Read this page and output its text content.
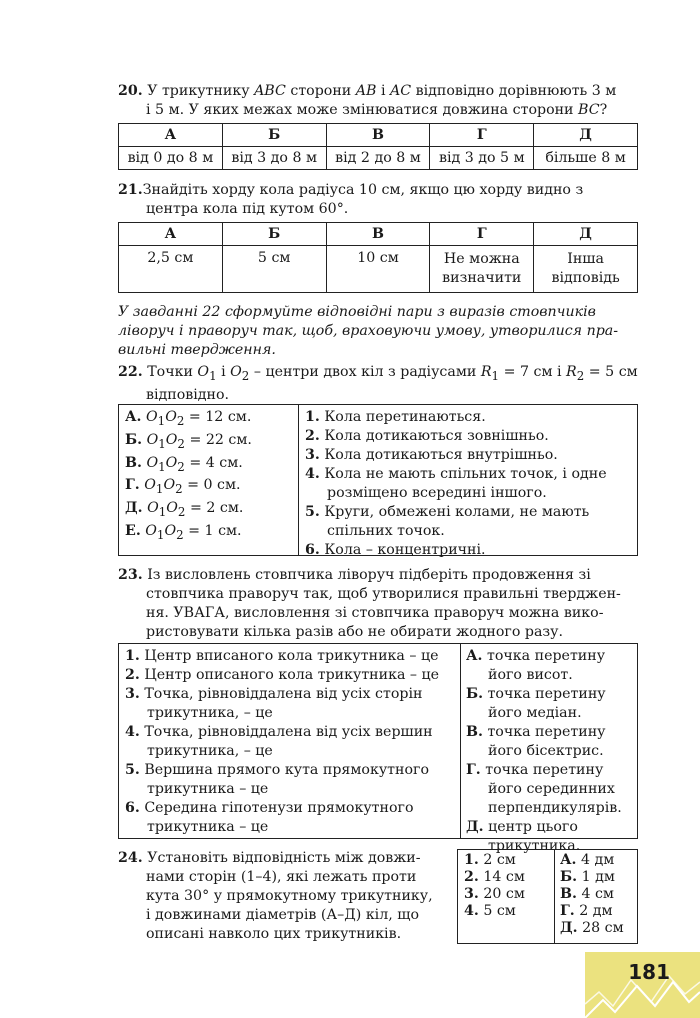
20. У трикутнику ABC сторони AB і AC відповідно дорівнюють 3 м
і 5 м. У яких межах може змінюватися довжина сторони BC?
А	Б	В	Г	Д
від 0 до 8 м	від 3 до 8 м	від 2 до 8 м	від 3 до 5 м	більше 8 м
21.Знайдіть хорду кола радіуса 10 см, якщо цю хорду видно з
центра кола під кутом 60°.
А	Б	В	Г	Д
2,5 см	5 см	10 см	Не можна визначити	Інша відповідь
У завданні 22 сформуйте відповідні пари з виразів стовпчиків
ліворуч і праворуч так, щоб, враховуючи умову, утворилися пра-
вильні твердження.
22. Точки $O_1$ і $O_2$ – центри двох кіл з радіусами $R_1 = 7$ см і $R_2 = 5$ см
відповідно.
А. $O_1O_2 = 12$ см.
Б. $O_1O_2 = 22$ см.
В. $O_1O_2 = 4$ см.
Г. $O_1O_2 = 0$ см.
Д. $O_1O_2 = 2$ см.
Е. $O_1O_2 = 1$ см.
1. Кола перетинаються.
2. Кола дотикаються зовнішньо.
3. Кола дотикаються внутрішньо.
4. Кола не мають спільних точок, і одне
розміщено всередині іншого.
5. Круги, обмежені колами, не мають
спільних точок.
6. Кола – концентричні.
23. Із висловлень стовпчика ліворуч підберіть продовження зі
стовпчика праворуч так, щоб утворилися правильні тверджен-
ня. УВАГА, висловлення зі стовпчика праворуч можна вико-
ристовувати кілька разів або не обирати жодного разу.
1. Центр вписаного кола трикутника – це
2. Центр описаного кола трикутника – це
3. Точка, рівновіддалена від усіх сторін
трикутника, – це
4. Точка, рівновіддалена від усіх вершин
трикутника, – це
5. Вершина прямого кута прямокутного
трикутника – це
6. Середина гіпотенузи прямокутного
трикутника – це
А. точка перетину
його висот.
Б. точка перетину
його медіан.
В. точка перетину
його бісектрис.
Г. точка перетину
його серединних
перпендикулярів.
Д. центр цього
трикутника.
24. Установіть відповідність між довжи-
нами сторін (1–4), які лежать проти
кута 30° у прямокутному трикутнику,
і довжинами діаметрів (А–Д) кіл, що
описані навколо цих трикутників.
1. 2 см
2. 14 см
3. 20 см
4. 5 см
А. 4 дм
Б. 1 дм
В. 4 см
Г. 2 дм
Д. 28 см
181
